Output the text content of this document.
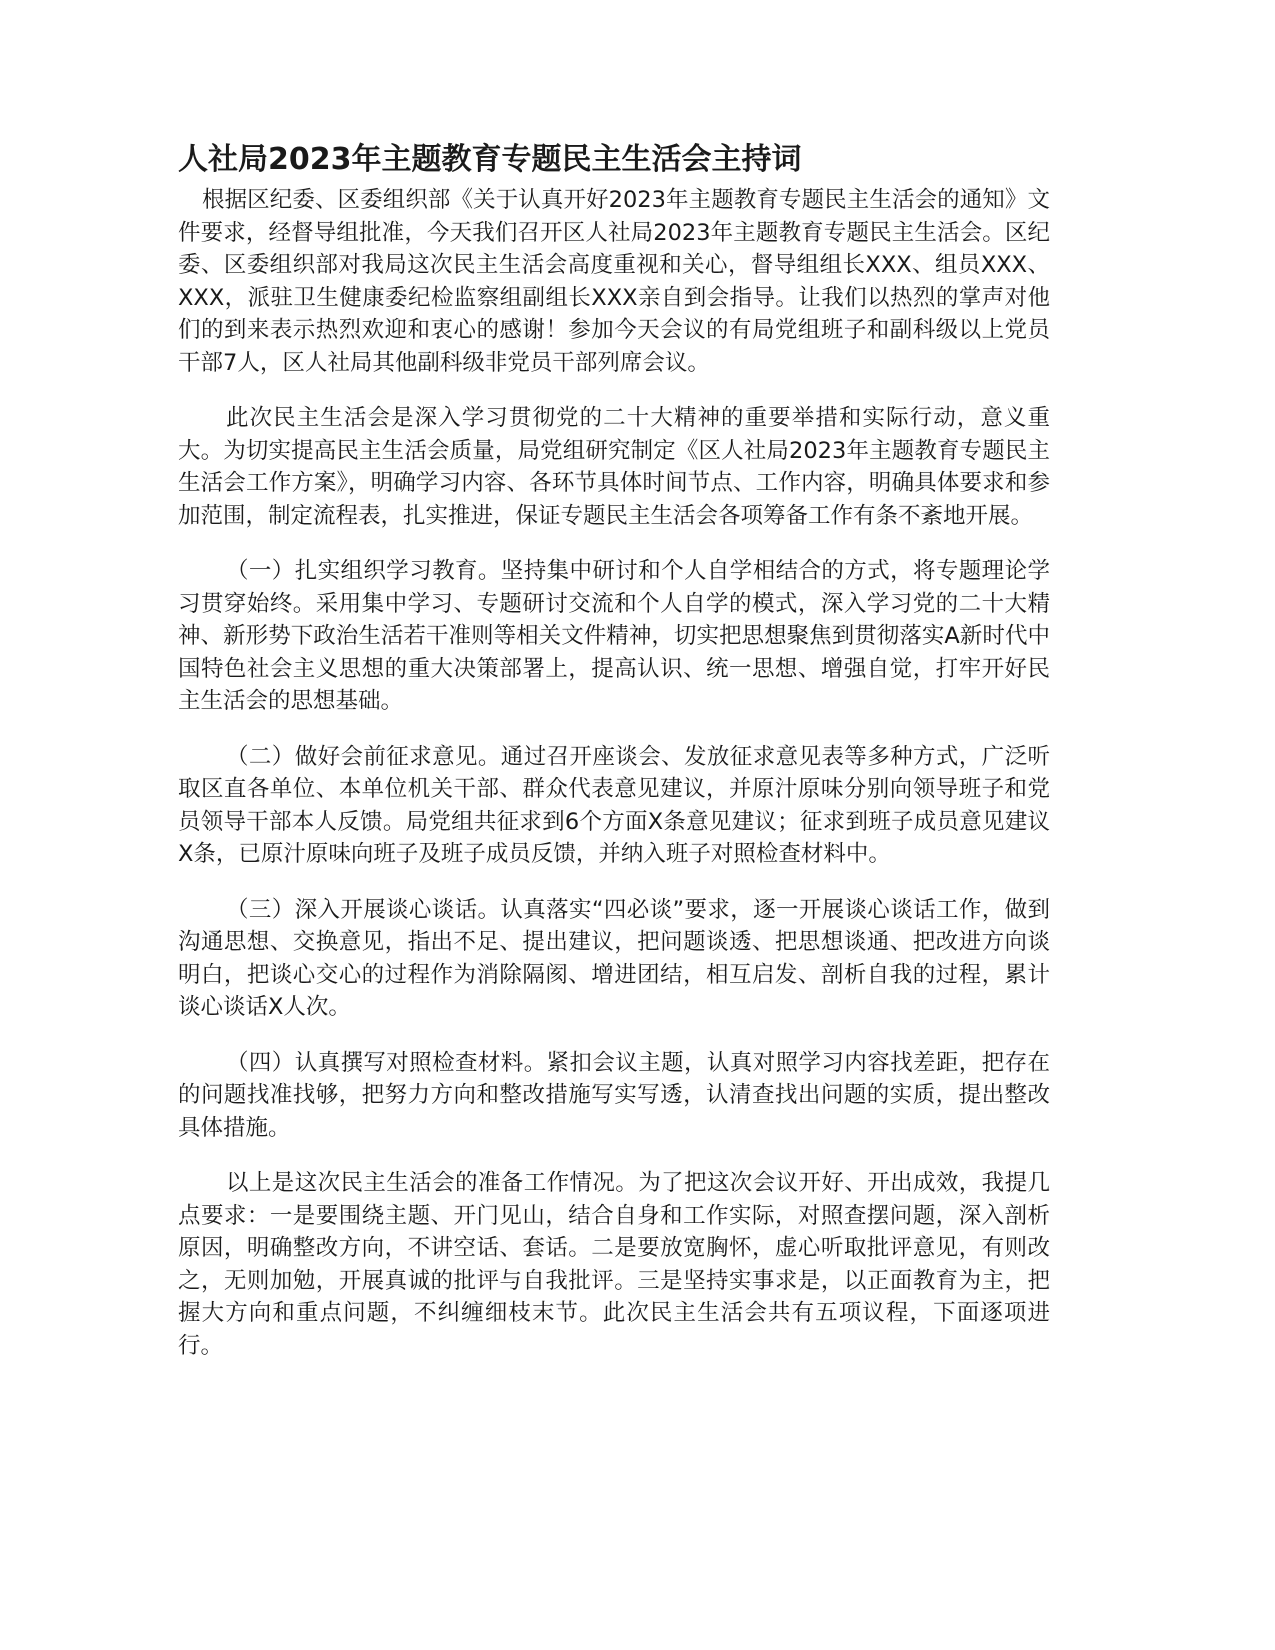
人社局2023年主题教育专题民主生活会主持词

根据区纪委、区委组织部《关于认真开好2023年主题教育专题民主生活会的通知》文件要求，经督导组批准，今天我们召开区人社局2023年主题教育专题民主生活会。区纪委、区委组织部对我局这次民主生活会高度重视和关心，督导组组长XXX、组员XXX、XXX，派驻卫生健康委纪检监察组副组长XXX亲自到会指导。让我们以热烈的掌声对他们的到来表示热烈欢迎和衷心的感谢！参加今天会议的有局党组班子和副科级以上党员干部7人，区人社局其他副科级非党员干部列席会议。

此次民主生活会是深入学习贯彻党的二十大精神的重要举措和实际行动，意义重大。为切实提高民主生活会质量，局党组研究制定《区人社局2023年主题教育专题民主生活会工作方案》，明确学习内容、各环节具体时间节点、工作内容，明确具体要求和参加范围，制定流程表，扎实推进，保证专题民主生活会各项筹备工作有条不紊地开展。

（一）扎实组织学习教育。坚持集中研讨和个人自学相结合的方式，将专题理论学习贯穿始终。采用集中学习、专题研讨交流和个人自学的模式，深入学习党的二十大精神、新形势下政治生活若干准则等相关文件精神，切实把思想聚焦到贯彻落实A新时代中国特色社会主义思想的重大决策部署上，提高认识、统一思想、增强自觉，打牢开好民主生活会的思想基础。

（二）做好会前征求意见。通过召开座谈会、发放征求意见表等多种方式，广泛听取区直各单位、本单位机关干部、群众代表意见建议，并原汁原味分别向领导班子和党员领导干部本人反馈。局党组共征求到6个方面X条意见建议；征求到班子成员意见建议X条，已原汁原味向班子及班子成员反馈，并纳入班子对照检查材料中。

（三）深入开展谈心谈话。认真落实“四必谈”要求，逐一开展谈心谈话工作，做到沟通思想、交换意见，指出不足、提出建议，把问题谈透、把思想谈通、把改进方向谈明白，把谈心交心的过程作为消除隔阂、增进团结，相互启发、剖析自我的过程，累计谈心谈话X人次。

（四）认真撰写对照检查材料。紧扣会议主题，认真对照学习内容找差距，把存在的问题找准找够，把努力方向和整改措施写实写透，认清查找出问题的实质，提出整改具体措施。

以上是这次民主生活会的准备工作情况。为了把这次会议开好、开出成效，我提几点要求：一是要围绕主题、开门见山，结合自身和工作实际，对照查摆问题，深入剖析原因，明确整改方向，不讲空话、套话。二是要放宽胸怀，虚心听取批评意见，有则改之，无则加勉，开展真诚的批评与自我批评。三是坚持实事求是，以正面教育为主，把握大方向和重点问题，不纠缠细枝末节。此次民主生活会共有五项议程，下面逐项进行。
